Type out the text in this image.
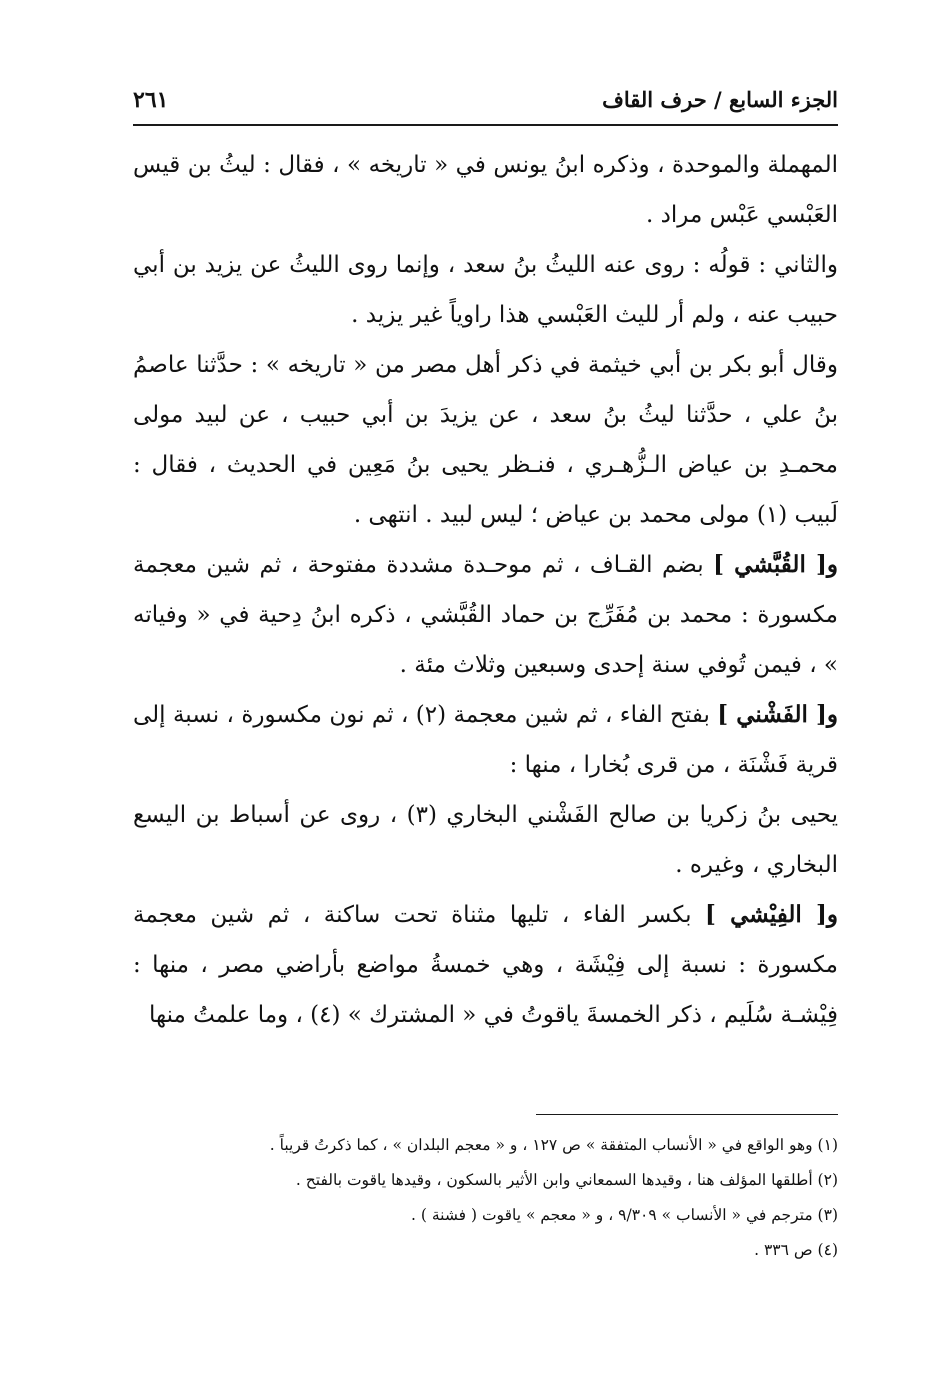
الجزء السابع / حرف القاف
٢٦١

المهملة والموحدة ، وذكره ابنُ يونس في « تاريخه » ، فقال : ليثُ بن قيس العَبْسي عَبْس مراد .

والثاني : قولُه : روى عنه الليثُ بنُ سعد ، وإنما روى الليثُ عن يزيد بن أبي حبيب عنه ، ولم أر لليث العَبْسي هذا راوياً غير يزيد .

وقال أبو بكر بن أبي خيثمة في ذكر أهل مصر من « تاريخه » : حدَّثنا عاصمُ بنُ علي ، حدَّثنا ليثُ بنُ سعد ، عن يزيدَ بن أبي حبيب ، عن لبيد مولى محمـدِ بن عياض الـزُّهـري ، فنـظر يحيى بنُ مَعِين في الحديث ، فقال : لَبيب (١) مولى محمد بن عياض ؛ ليس لبيد . انتهى .

و[ القُبَّشي ] بضم القـاف ، ثم موحـدة مشددة مفتوحة ، ثم شين معجمة مكسورة : محمد بن مُفَرِّج بن حماد القُبَّشي ، ذكره ابنُ دِحية في « وفياته » ، فيمن تُوفي سنة إحدى وسبعين وثلاث مئة .

و[ الفَشْني ] بفتح الفاء ، ثم شين معجمة (٢) ، ثم نون مكسورة ، نسبة إلى قرية فَشْنَة ، من قرى بُخارا ، منها :

يحيى بنُ زكريا بن صالح الفَشْني البخاري (٣) ، روى عن أسباط بن اليسع البخاري ، وغيره .

و[ الفِيْشي ] بكسر الفاء ، تليها مثناة تحت ساكنة ، ثم شين معجمة مكسورة : نسبة إلى فِيْشَة ، وهي خمسةُ مواضع بأراضي مصر ، منها : فِيْشـة سُلَيم ، ذكر الخمسةَ ياقوتُ في « المشترك » (٤) ، وما علمتُ منها

(١) وهو الواقع في « الأنساب المتفقة » ص ١٢٧ ، و « معجم البلدان » ، كما ذكرتُ قريباً .
(٢) أطلقها المؤلف هنا ، وقيدها السمعاني وابن الأثير بالسكون ، وقيدها ياقوت بالفتح .
(٣) مترجم في « الأنساب » ٩/٣٠٩ ، و « معجم » ياقوت ( فشنة ) .
(٤) ص ٣٣٦ .
